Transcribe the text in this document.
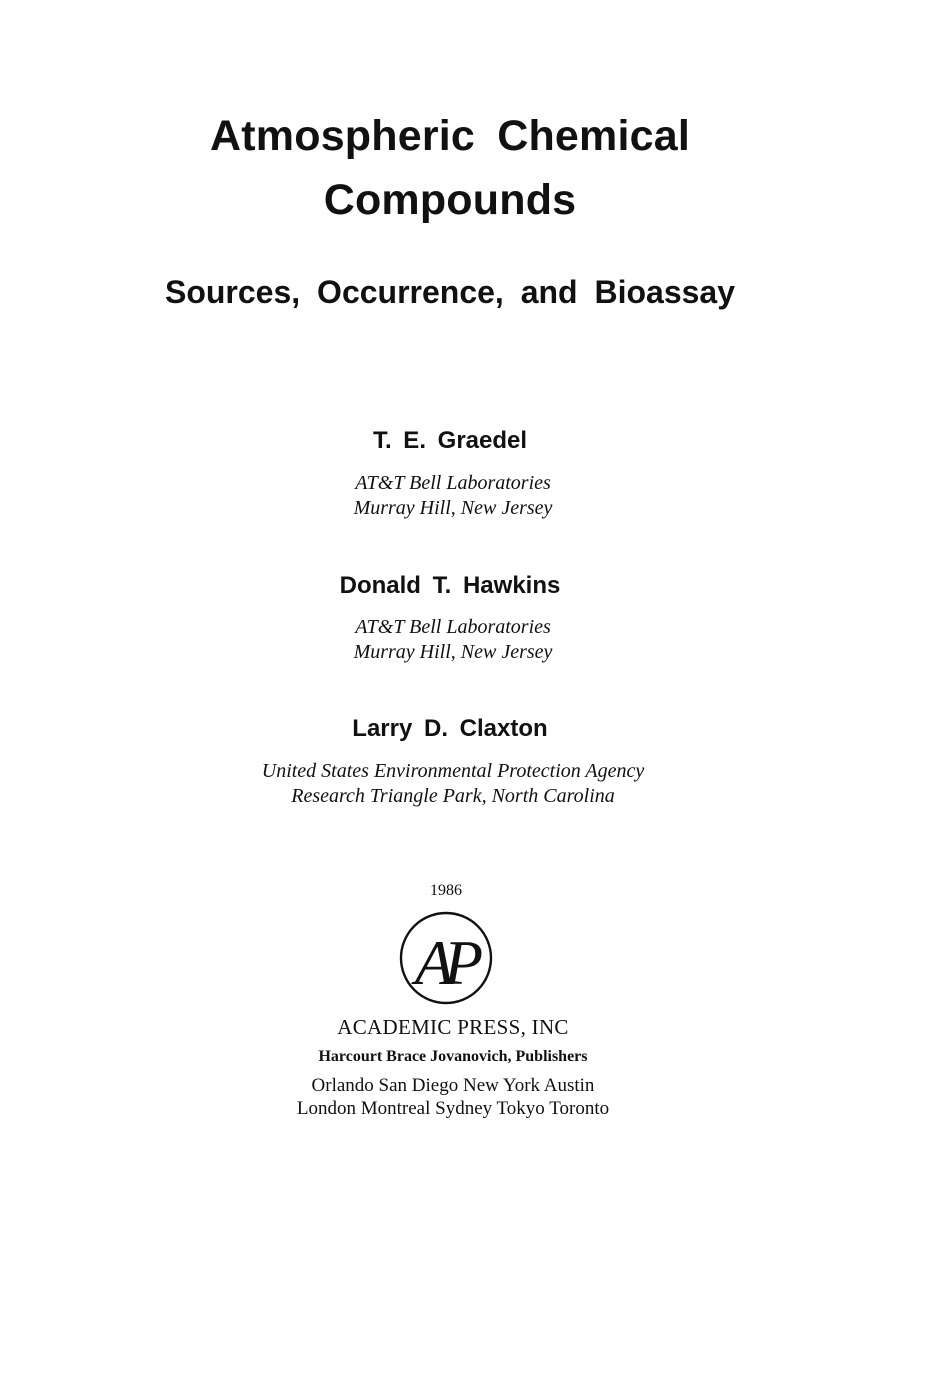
Atmospheric Chemical
Compounds
Sources, Occurrence, and Bioassay
T. E. Graedel
AT&T Bell Laboratories
Murray Hill, New Jersey
Donald T. Hawkins
AT&T Bell Laboratories
Murray Hill, New Jersey
Larry D. Claxton
United States Environmental Protection Agency
Research Triangle Park, North Carolina
1986
AP
ACADEMIC PRESS, INC
Harcourt Brace Jovanovich, Publishers
Orlando San Diego New York Austin
London Montreal Sydney Tokyo Toronto
